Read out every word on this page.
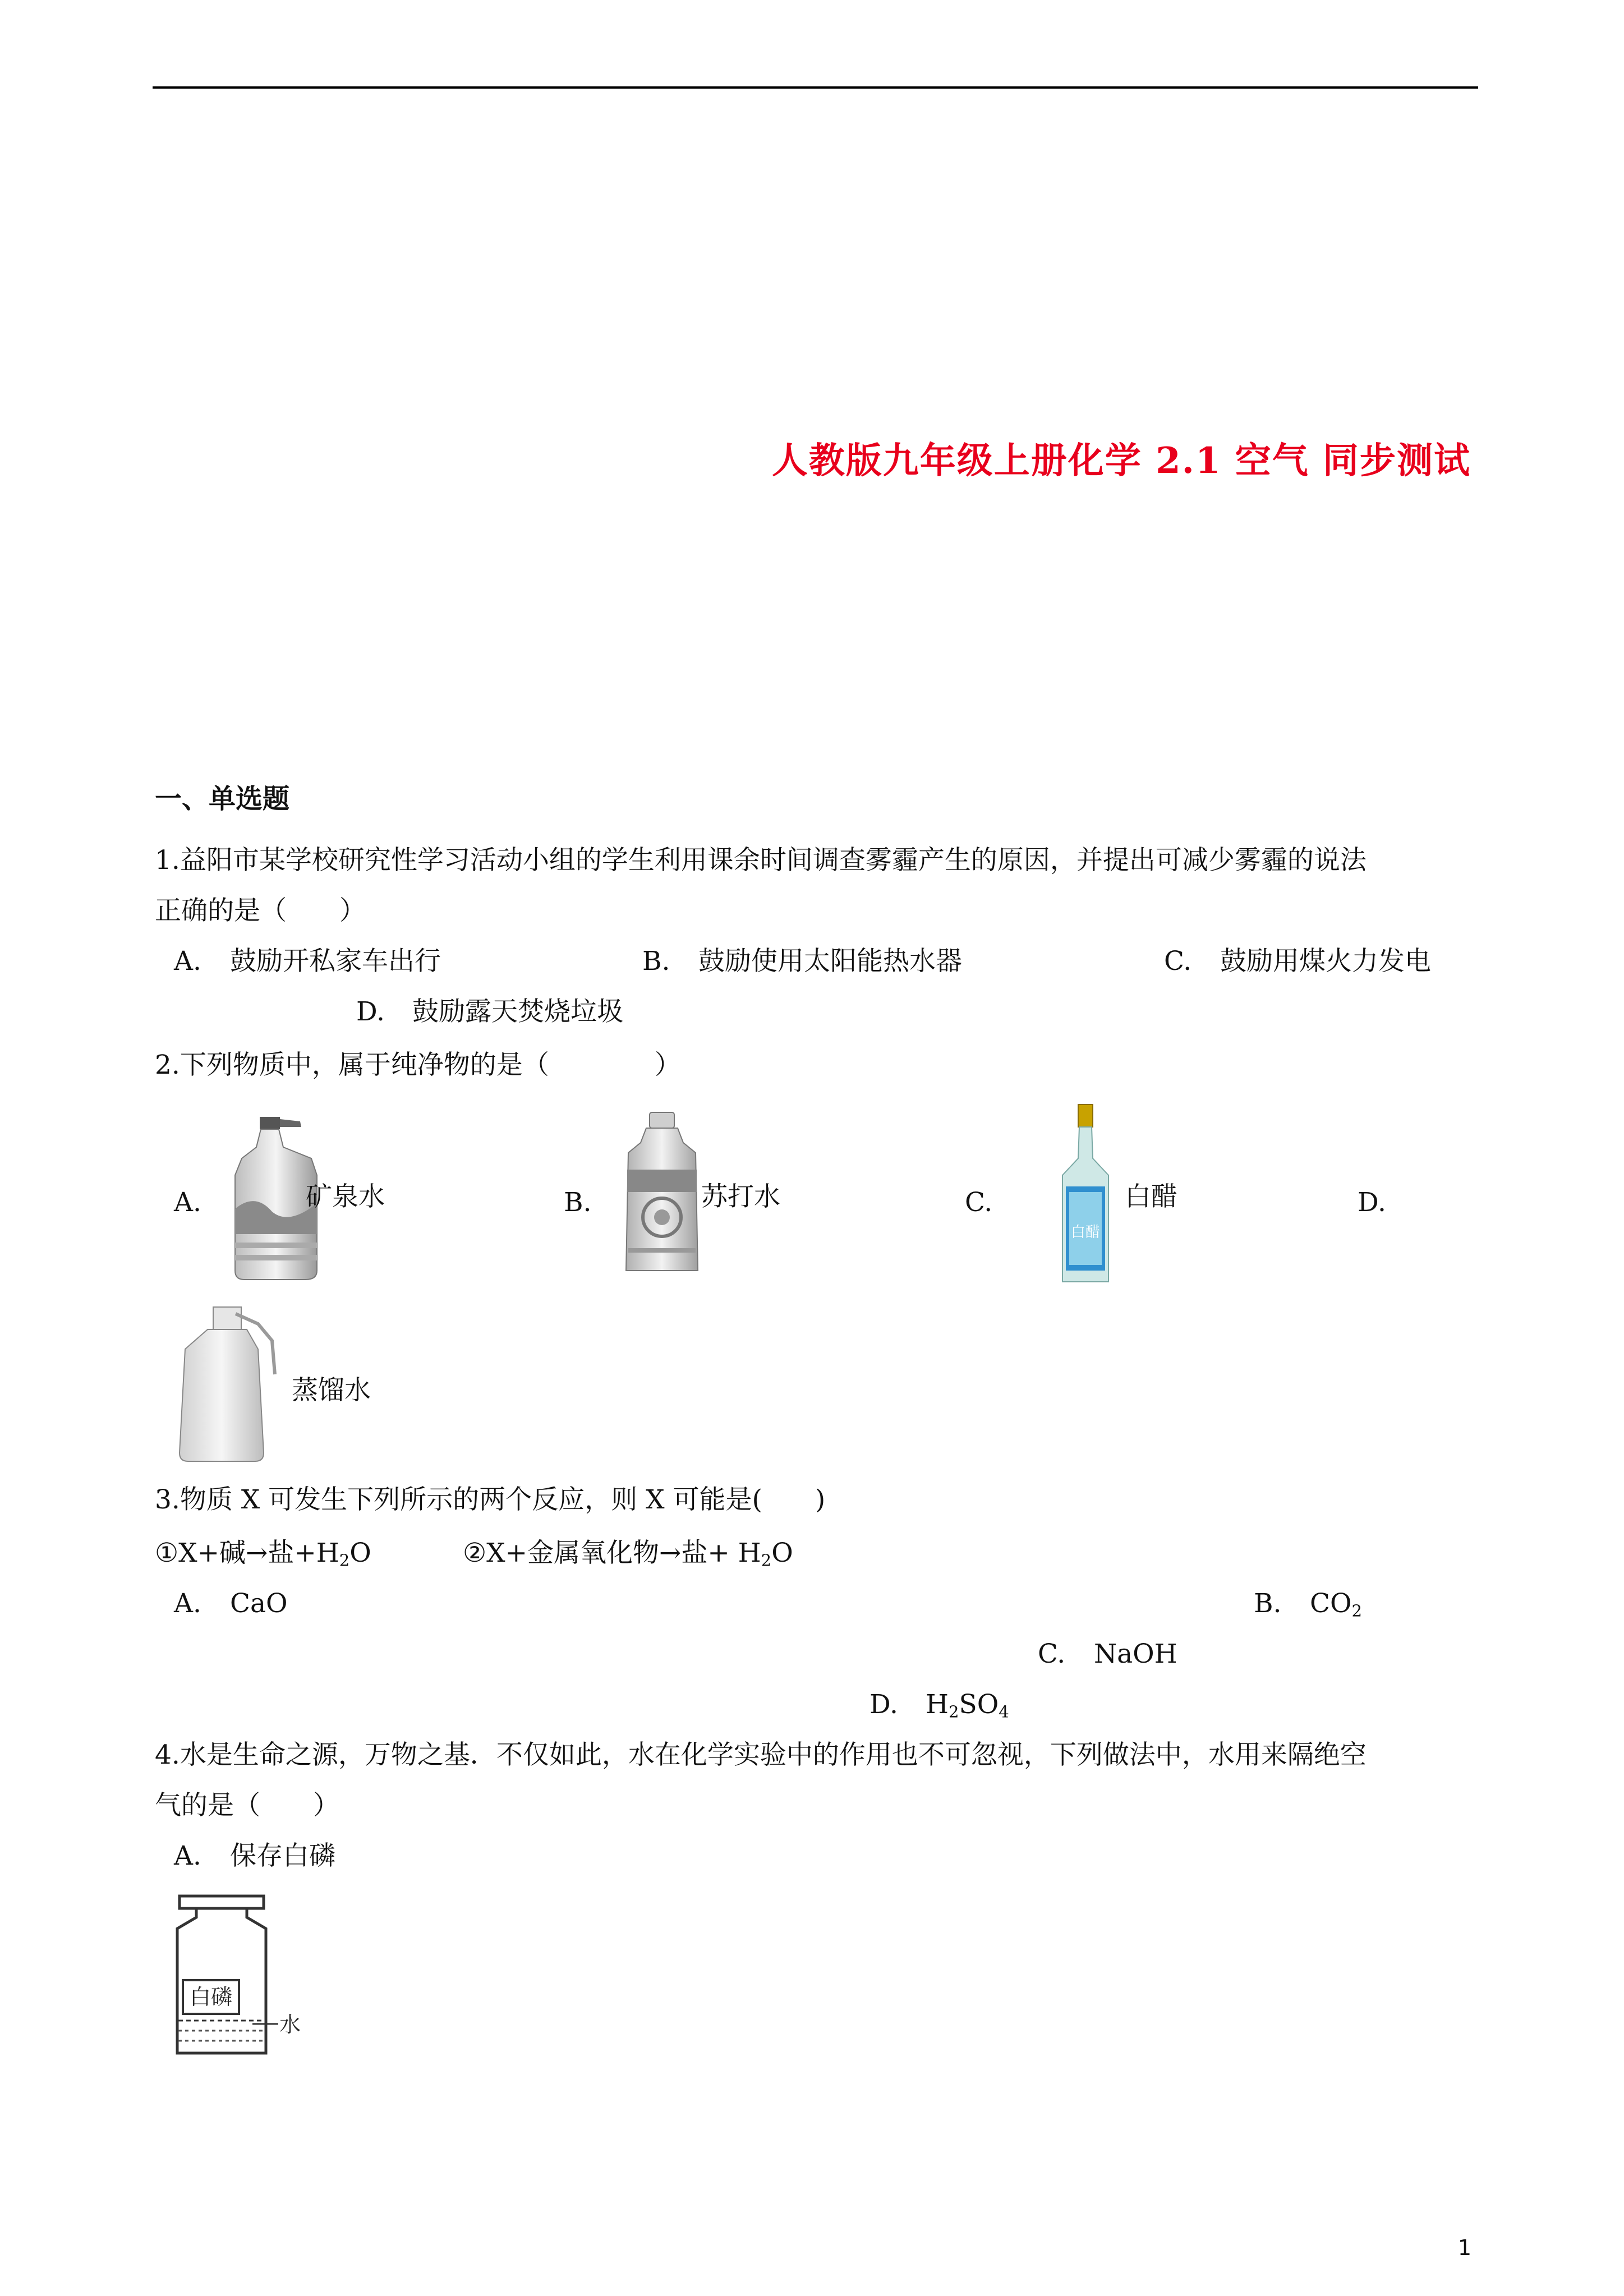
人教版九年级上册化学 2.1 空气 同步测试
一、单选题
1.益阳市某学校研究性学习活动小组的学生利用课余时间调查雾霾产生的原因，并提出可减少雾霾的说法
正确的是（　　）
A. 鼓励开私家车出行	B. 鼓励使用太阳能热水器	C. 鼓励用煤火力发电
D. 鼓励露天焚烧垃圾
2.下列物质中，属于纯净物的是（　　　　）
A.	矿泉水	B.	苏打水	C.
白醋
白醋	D.
蒸馏水
3.物质 X 可发生下列所示的两个反应，则 X 可能是(　　)
①X+碱→盐$+H_2O$	②X+金属氧化物→盐+ $H_2O$
A. CaO	B. $CO_2$
C. NaOH
D. $H_2SO_4$
4.水是生命之源，万物之基．不仅如此，水在化学实验中的作用也不可忽视，下列做法中，水用来隔绝空
气的是（　　）
A. 保存白磷
白磷
水
1
